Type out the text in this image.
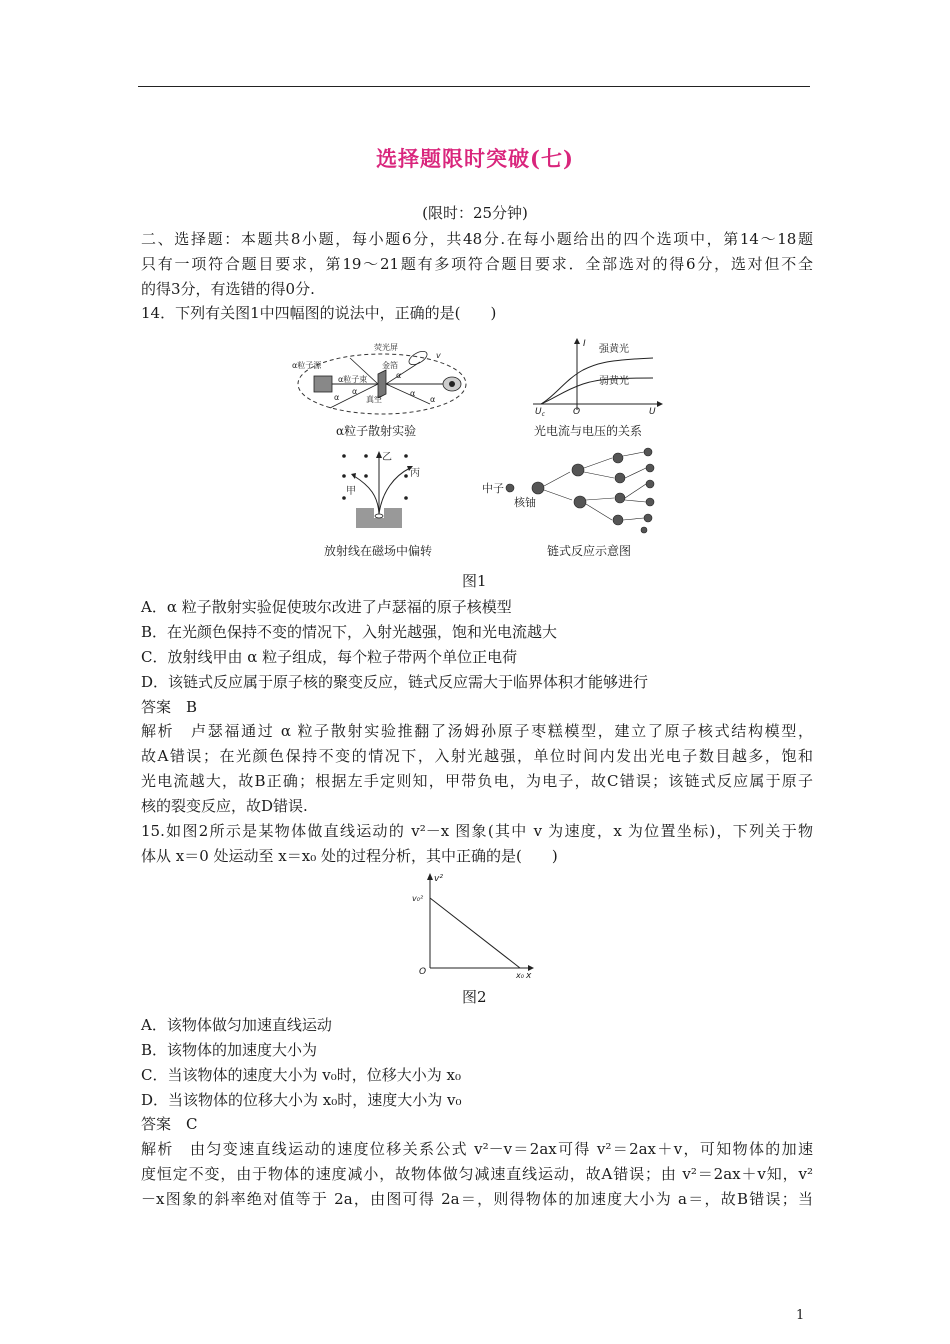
选择题限时突破(七)
(限时：25分钟)
二、选择题：本题共8小题，每小题6分，共48分.在每小题给出的四个选项中，第14～18题
只有一项符合题目要求，第19～21题有多项符合题目要求．全部选对的得6分，选对但不全
的得3分，有选错的得0分.
14．下列有关图1中四幅图的说法中，正确的是(　　)
荧光屏
α粒子源	金箔
α粒子束
真空
α
α
α
α	α
v
α粒子散射实验
I 强黄光
弱黄光
$U_c$	O	U
光电流与电压的关系
乙
丙
甲
放射线在磁场中偏转
中子
核铀
链式反应示意图
图1
A．α 粒子散射实验促使玻尔改进了卢瑟福的原子核模型
B．在光颜色保持不变的情况下，入射光越强，饱和光电流越大
C．放射线甲由 α 粒子组成，每个粒子带两个单位正电荷
D．该链式反应属于原子核的聚变反应，链式反应需大于临界体积才能够进行
答案　B
解析　卢瑟福通过 α 粒子散射实验推翻了汤姆孙原子枣糕模型，建立了原子核式结构模型，
故A错误；在光颜色保持不变的情况下，入射光越强，单位时间内发出光电子数目越多，饱和
光电流越大，故B正确；根据左手定则知，甲带负电，为电子，故C错误；该链式反应属于原子
核的裂变反应，故D错误.
15.如图2所示是某物体做直线运动的 v²－x 图象(其中 v 为速度，x 为位置坐标)，下列关于物
体从 x＝0 处运动至 x＝x₀ 处的过程分析，其中正确的是(　　)
v²
x
O
v₀²
x₀
图2
A．该物体做匀加速直线运动
B．该物体的加速度大小为
C．当该物体的速度大小为 v₀时，位移大小为 x₀
D．当该物体的位移大小为 x₀时，速度大小为 v₀
答案　C
解析　由匀变速直线运动的速度位移关系公式 v²－v＝2ax可得 v²＝2ax＋v，可知物体的加速
度恒定不变，由于物体的速度减小，故物体做匀减速直线运动，故A错误；由 v²＝2ax＋v知，v²
－x图象的斜率绝对值等于 2a，由图可得 2a＝，则得物体的加速度大小为 a＝，故B错误；当
1
